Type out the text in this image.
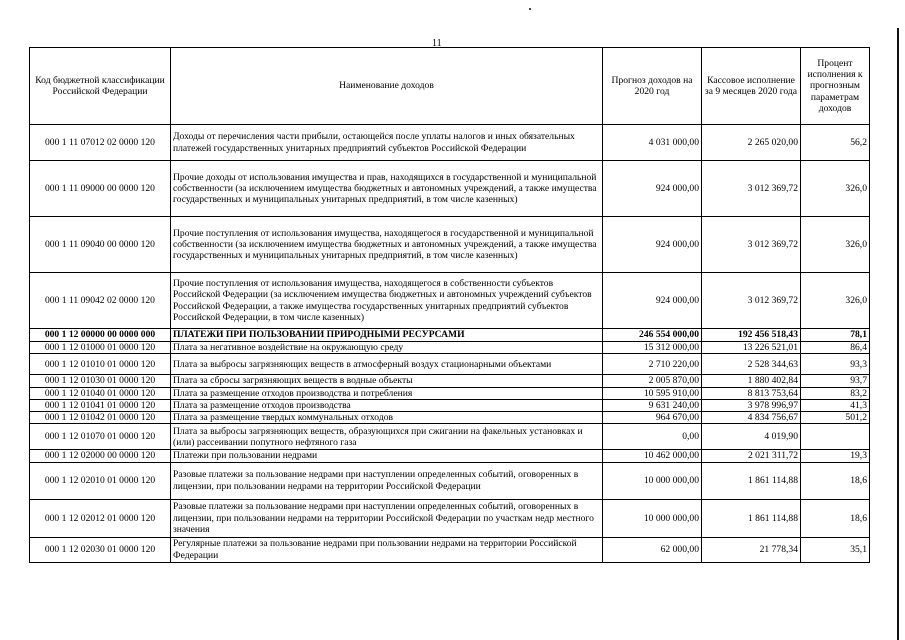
11
Код бюджетной классификации Российской Федерации	Наименование доходов	Прогноз доходов на 2020 год	Кассовое исполнение за 9 месяцев 2020 года	Процент исполнения к прогнозным параметрам доходов
000 1 11 07012 02 0000 120	Доходы от перечисления части прибыли, остающейся после уплаты налогов и иных обязательных платежей государственных унитарных предприятий субъектов Российской Федерации	4 031 000,00	2 265 020,00	56,2
000 1 11 09000 00 0000 120	Прочие доходы от использования имущества и прав, находящихся в государственной и муниципальной собственности (за исключением имущества бюджетных и автономных учреждений, а также имущества государственных и муниципальных унитарных предприятий, в том числе казенных)	924 000,00	3 012 369,72	326,0
000 1 11 09040 00 0000 120	Прочие поступления от использования имущества, находящегося в государственной и муниципальной собственности (за исключением имущества бюджетных и автономных учреждений, а также имущества государственных и муниципальных унитарных предприятий, в том числе казенных)	924 000,00	3 012 369,72	326,0
000 1 11 09042 02 0000 120	Прочие поступления от использования имущества, находящегося в собственности субъектов Российской Федерации (за исключением имущества бюджетных и автономных учреждений субъектов Российской Федерации, а также имущества государственных унитарных предприятий субъектов Российской Федерации, в том числе казенных)	924 000,00	3 012 369,72	326,0
000 1 12 00000 00 0000 000	ПЛАТЕЖИ ПРИ ПОЛЬЗОВАНИИ ПРИРОДНЫМИ РЕСУРСАМИ	246 554 000,00	192 456 518,43	78,1
000 1 12 01000 01 0000 120	Плата за негативное воздействие на окружающую среду	15 312 000,00	13 226 521,01	86,4
000 1 12 01010 01 0000 120	Плата за выбросы загрязняющих веществ в атмосферный воздух стационарными объектами	2 710 220,00	2 528 344,63	93,3
000 1 12 01030 01 0000 120	Плата за сбросы загрязняющих веществ в водные объекты	2 005 870,00	1 880 402,84	93,7
000 1 12 01040 01 0000 120	Плата за размещение отходов производства и потребления	10 595 910,00	8 813 753,64	83,2
000 1 12 01041 01 0000 120	Плата за размещение отходов производства	9 631 240,00	3 978 996,97	41,3
000 1 12 01042 01 0000 120	Плата за размещение твердых коммунальных отходов	964 670,00	4 834 756,67	501,2
000 1 12 01070 01 0000 120	Плата за выбросы загрязняющих веществ, образующихся при сжигании на факельных установках и (или) рассеивании попутного нефтяного газа	0,00	4 019,90	
000 1 12 02000 00 0000 120	Платежи при пользовании недрами	10 462 000,00	2 021 311,72	19,3
000 1 12 02010 01 0000 120	Разовые платежи за пользование недрами при наступлении определенных событий, оговоренных в лицензии, при пользовании недрами на территории Российской Федерации	10 000 000,00	1 861 114,88	18,6
000 1 12 02012 01 0000 120	Разовые платежи за пользование недрами при наступлении определенных событий, оговоренных в лицензии, при пользовании недрами на территории Российской Федерации по участкам недр местного значения	10 000 000,00	1 861 114,88	18,6
000 1 12 02030 01 0000 120	Регулярные платежи за пользование недрами при пользовании недрами на территории Российской Федерации	62 000,00	21 778,34	35,1
